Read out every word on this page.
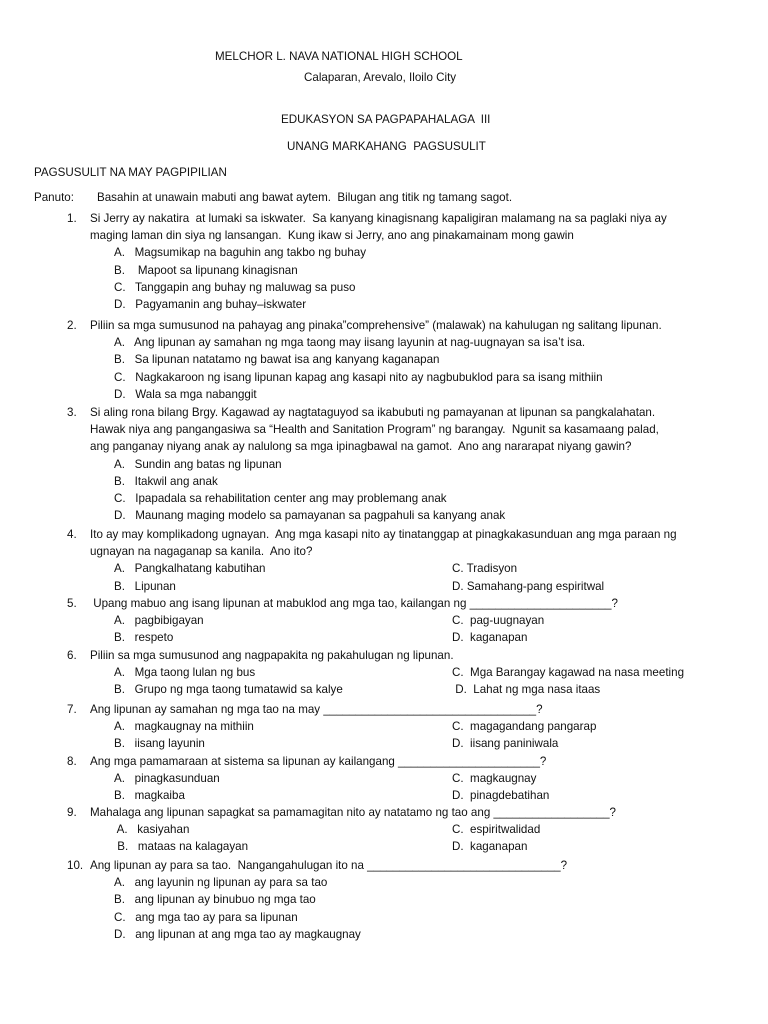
MELCHOR L. NAVA NATIONAL HIGH SCHOOL
Calaparan, Arevalo, Iloilo City
EDUKASYON SA PAGPAPAHALAGA  III
UNANG MARKAHANG  PAGSUSULIT
PAGSUSULIT NA MAY PAGPIPILIAN
Panuto: Basahin at unawain mabuti ang bawat aytem.  Bilugan ang titik ng tamang sagot.
1. Si Jerry ay nakatira  at lumaki sa iskwater.  Sa kanyang kinagisnang kapaligiran malamang na sa paglaki niya ay
maging laman din siya ng lansangan.  Kung ikaw si Jerry, ano ang pinakamainam mong gawin
A.   Magsumikap na baguhin ang takbo ng buhay
B.    Mapoot sa lipunang kinagisnan
C.   Tanggapin ang buhay ng maluwag sa puso
D.   Pagyamanin ang buhay–iskwater
2. Piliin sa mga sumusunod na pahayag ang pinaka”comprehensive” (malawak) na kahulugan ng salitang lipunan.
A.   Ang lipunan ay samahan ng mga taong may iisang layunin at nag-uugnayan sa isa’t isa.
B.   Sa lipunan natatamo ng bawat isa ang kanyang kaganapan
C.   Nagkakaroon ng isang lipunan kapag ang kasapi nito ay nagbubuklod para sa isang mithiin
D.   Wala sa mga nabanggit
3. Si aling rona bilang Brgy. Kagawad ay nagtataguyod sa ikabubuti ng pamayanan at lipunan sa pangkalahatan.
Hawak niya ang pangangasiwa sa “Health and Sanitation Program” ng barangay.  Ngunit sa kasamaang palad,
ang panganay niyang anak ay nalulong sa mga ipinagbawal na gamot.  Ano ang nararapat niyang gawin?
A.   Sundin ang batas ng lipunan
B.   Itakwil ang anak
C.   Ipapadala sa rehabilitation center ang may problemang anak
D.   Maunang maging modelo sa pamayanan sa pagpahuli sa kanyang anak
4. Ito ay may komplikadong ugnayan.  Ang mga kasapi nito ay tinatanggap at pinagkakasunduan ang mga paraan ng
ugnayan na nagaganap sa kanila.  Ano ito?
A.   Pangkalhatang kabutihan	C. Tradisyon
B.   Lipunan	D. Samahang-pang espiritwal
5. Upang mabuo ang isang lipunan at mabuklod ang mga tao, kailangan ng ______________________?
A.   pagbibigayan	C.  pag-uugnayan
B.   respeto	D.  kaganapan
6. Piliin sa mga sumusunod ang nagpapakita ng pakahulugan ng lipunan.
A.   Mga taong lulan ng bus	C.  Mga Barangay kagawad na nasa meeting
B.   Grupo ng mga taong tumatawid sa kalye	D.  Lahat ng mga nasa itaas
7. Ang lipunan ay samahan ng mga tao na may _________________________________?
A.   magkaugnay na mithiin	C.  magagandang pangarap
B.   iisang layunin	D.  iisang paniniwala
8. Ang mga pamamaraan at sistema sa lipunan ay kailangang ______________________?
A.   pinagkasunduan	C.  magkaugnay
B.   magkaiba	D.  pinagdebatihan
9. Mahalaga ang lipunan sapagkat sa pamamagitan nito ay natatamo ng tao ang __________________?
A.   kasiyahan	C.  espiritwalidad
B.   mataas na kalagayan	D.  kaganapan
10. Ang lipunan ay para sa tao.  Nangangahulugan ito na ______________________________?
A.   ang layunin ng lipunan ay para sa tao
B.   ang lipunan ay binubuo ng mga tao
C.   ang mga tao ay para sa lipunan
D.   ang lipunan at ang mga tao ay magkaugnay
